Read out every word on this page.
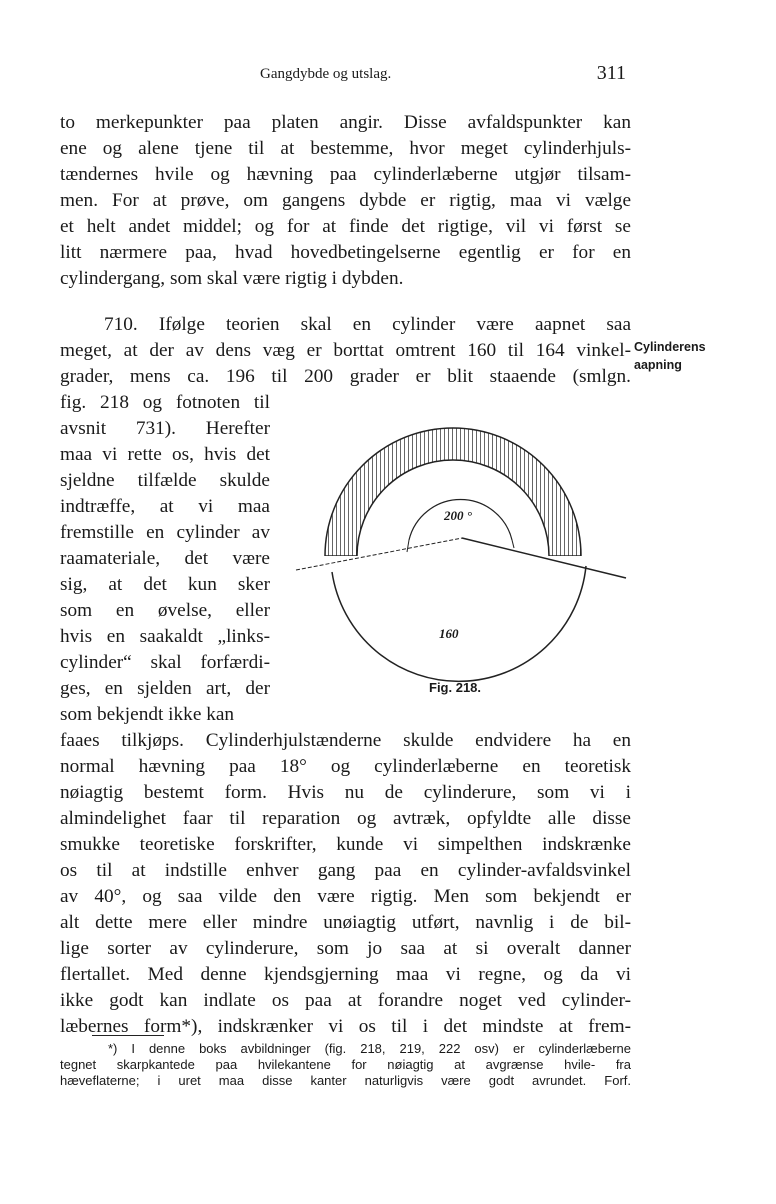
Gangdybde og utslag.	311
to merkepunkter paa platen angir. Disse avfaldspunkter kan
ene og alene tjene til at bestemme, hvor meget cylinderhjuls-
tændernes hvile og hævning paa cylinderlæberne utgjør tilsam-
men. For at prøve, om gangens dybde er rigtig, maa vi vælge
et helt andet middel; og for at finde det rigtige, vil vi først se
litt nærmere paa, hvad hovedbetingelserne egentlig er for en
cylindergang, som skal være rigtig i dybden.
710. Ifølge teorien skal en cylinder være aapnet saa
meget, at der av dens væg er borttat omtrent 160 til 164 vinkel-
grader, mens ca. 196 til 200 grader er blit staaende (smlgn.
fig. 218 og fotnoten til
avsnit 731). Herefter
maa vi rette os, hvis det
sjeldne tilfælde skulde
indtræffe, at vi maa
fremstille en cylinder av
raamateriale, det være
sig, at det kun sker
som en øvelse, eller
hvis en saakaldt „links-
cylinder“ skal forfærdi-
ges, en sjelden art, der
som bekjendt ikke kan
faaes tilkjøps. Cylinderhjulstænderne skulde endvidere ha en
normal hævning paa 18° og cylinderlæberne en teoretisk
nøiagtig bestemt form. Hvis nu de cylinderure, som vi i
almindelighet faar til reparation og avtræk, opfyldte alle disse
smukke teoretiske forskrifter, kunde vi simpelthen indskrænke
os til at indstille enhver gang paa en cylinder-avfaldsvinkel
av 40°, og saa vilde den være rigtig. Men som bekjendt er
alt dette mere eller mindre unøiagtig utført, navnlig i de bil-
lige sorter av cylinderure, som jo saa at si overalt danner
flertallet. Med denne kjendsgjerning maa vi regne, og da vi
ikke godt kan indlate os paa at forandre noget ved cylinder-
læbernes form*), indskrænker vi os til i det mindste at frem-
Cylinderens
aapning
200 °
160
Fig. 218.
*) I denne boks avbildninger (fig. 218, 219, 222 osv) er cylinderlæberne
tegnet skarpkantede paa hvilekantene for nøiagtig at avgrænse hvile- fra
hæveflaterne; i uret maa disse kanter naturligvis være godt avrundet. Forf.
